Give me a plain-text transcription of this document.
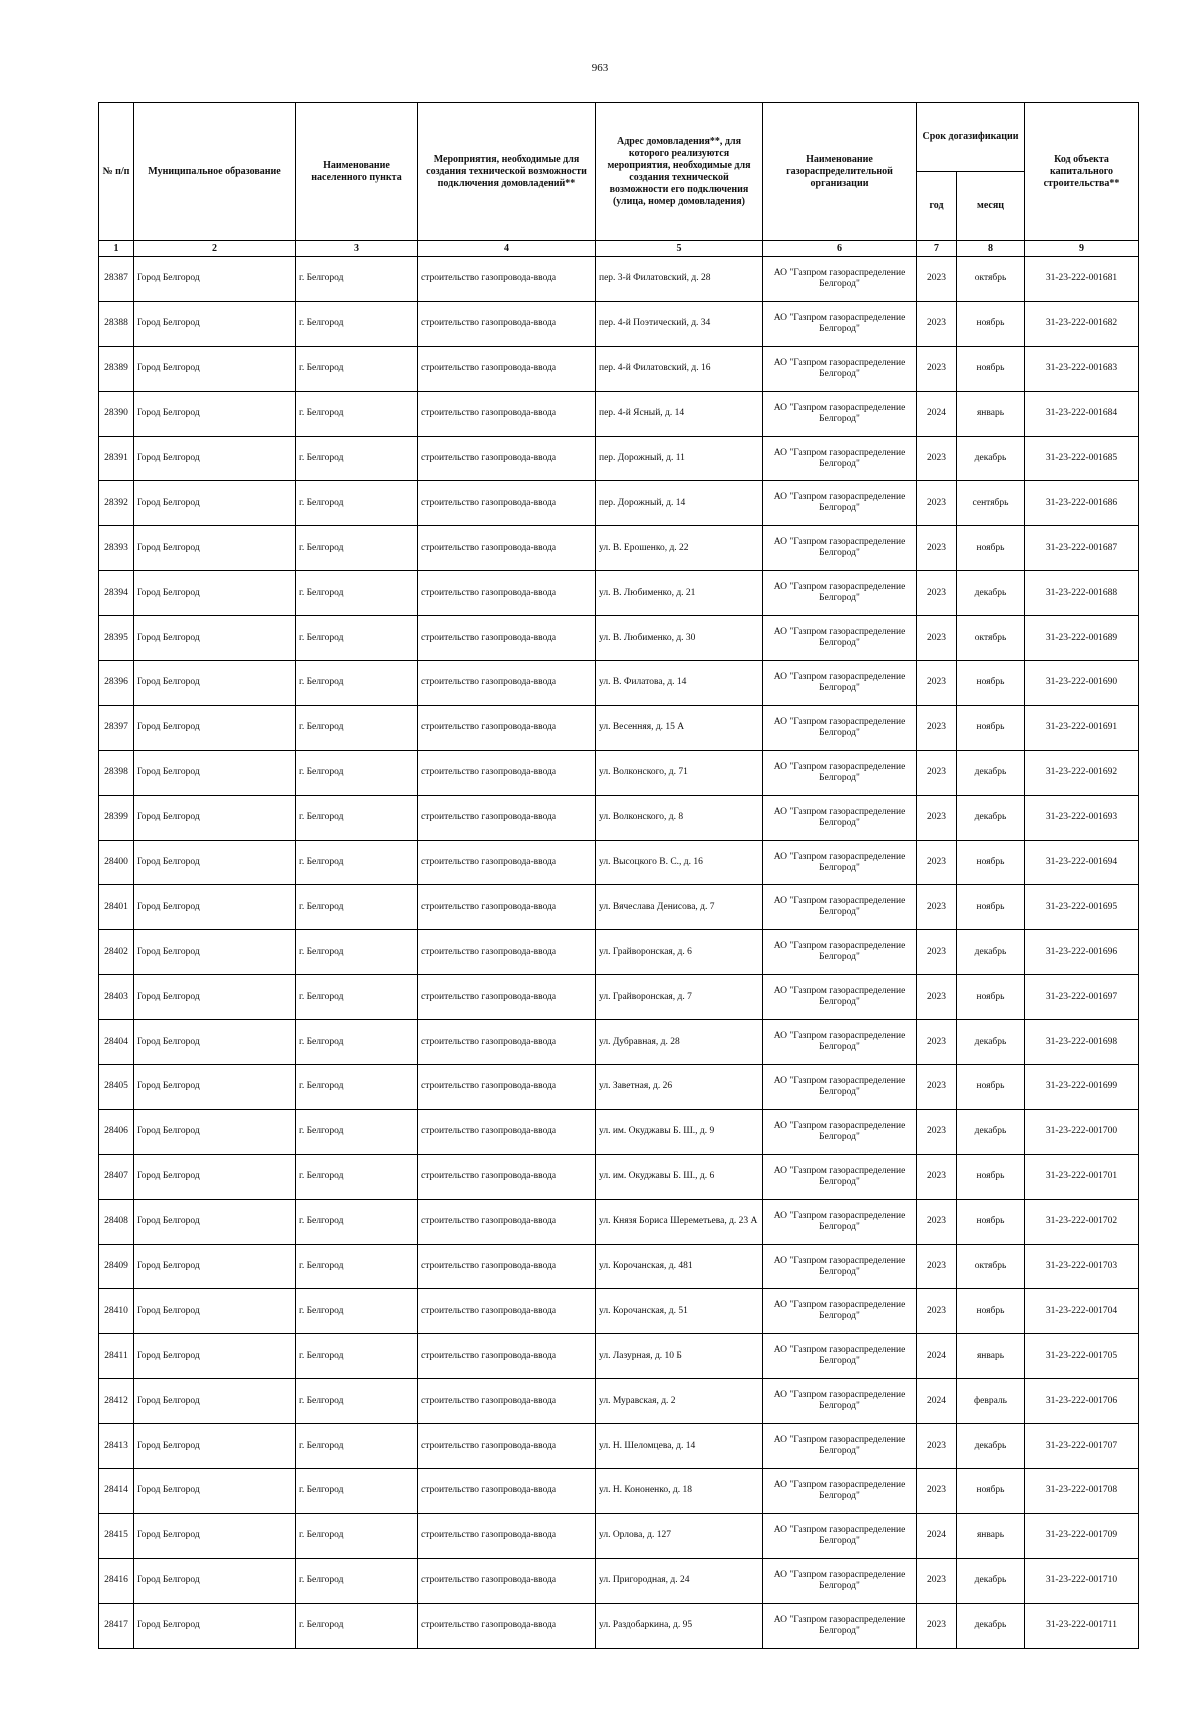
963
№ п/п	Муниципальное образование	Наименование населенного пункта	Мероприятия, необходимые для создания технической возможности подключения домовладений**	Адрес домовладения**, для которого реализуются мероприятия, необходимые для создания технической возможности его подключения (улица, номер домовладения)	Наименование газораспределительной организации	Срок догазификации		Код объекта капитального строительства**
						год	месяц	
1	2	3	4	5	6	7	8	9
28387	Город Белгород	г. Белгород	строительство газопровода-ввода	пер. 3-й Филатовский, д. 28	АО "Газпром газораспределение Белгород"	2023	октябрь	31-23-222-001681
28388	Город Белгород	г. Белгород	строительство газопровода-ввода	пер. 4-й Поэтический, д. 34	АО "Газпром газораспределение Белгород"	2023	ноябрь	31-23-222-001682
28389	Город Белгород	г. Белгород	строительство газопровода-ввода	пер. 4-й Филатовский, д. 16	АО "Газпром газораспределение Белгород"	2023	ноябрь	31-23-222-001683
28390	Город Белгород	г. Белгород	строительство газопровода-ввода	пер. 4-й Ясный, д. 14	АО "Газпром газораспределение Белгород"	2024	январь	31-23-222-001684
28391	Город Белгород	г. Белгород	строительство газопровода-ввода	пер. Дорожный, д. 11	АО "Газпром газораспределение Белгород"	2023	декабрь	31-23-222-001685
28392	Город Белгород	г. Белгород	строительство газопровода-ввода	пер. Дорожный, д. 14	АО "Газпром газораспределение Белгород"	2023	сентябрь	31-23-222-001686
28393	Город Белгород	г. Белгород	строительство газопровода-ввода	ул. В. Ерошенко, д. 22	АО "Газпром газораспределение Белгород"	2023	ноябрь	31-23-222-001687
28394	Город Белгород	г. Белгород	строительство газопровода-ввода	ул. В. Любименко, д. 21	АО "Газпром газораспределение Белгород"	2023	декабрь	31-23-222-001688
28395	Город Белгород	г. Белгород	строительство газопровода-ввода	ул. В. Любименко, д. 30	АО "Газпром газораспределение Белгород"	2023	октябрь	31-23-222-001689
28396	Город Белгород	г. Белгород	строительство газопровода-ввода	ул. В. Филатова, д. 14	АО "Газпром газораспределение Белгород"	2023	ноябрь	31-23-222-001690
28397	Город Белгород	г. Белгород	строительство газопровода-ввода	ул. Весенняя, д. 15 А	АО "Газпром газораспределение Белгород"	2023	ноябрь	31-23-222-001691
28398	Город Белгород	г. Белгород	строительство газопровода-ввода	ул. Волконского, д. 71	АО "Газпром газораспределение Белгород"	2023	декабрь	31-23-222-001692
28399	Город Белгород	г. Белгород	строительство газопровода-ввода	ул. Волконского, д. 8	АО "Газпром газораспределение Белгород"	2023	декабрь	31-23-222-001693
28400	Город Белгород	г. Белгород	строительство газопровода-ввода	ул. Высоцкого В. С., д. 16	АО "Газпром газораспределение Белгород"	2023	ноябрь	31-23-222-001694
28401	Город Белгород	г. Белгород	строительство газопровода-ввода	ул. Вячеслава Денисова, д. 7	АО "Газпром газораспределение Белгород"	2023	ноябрь	31-23-222-001695
28402	Город Белгород	г. Белгород	строительство газопровода-ввода	ул. Грайворонская, д. 6	АО "Газпром газораспределение Белгород"	2023	декабрь	31-23-222-001696
28403	Город Белгород	г. Белгород	строительство газопровода-ввода	ул. Грайворонская, д. 7	АО "Газпром газораспределение Белгород"	2023	ноябрь	31-23-222-001697
28404	Город Белгород	г. Белгород	строительство газопровода-ввода	ул. Дубравная, д. 28	АО "Газпром газораспределение Белгород"	2023	декабрь	31-23-222-001698
28405	Город Белгород	г. Белгород	строительство газопровода-ввода	ул. Заветная, д. 26	АО "Газпром газораспределение Белгород"	2023	ноябрь	31-23-222-001699
28406	Город Белгород	г. Белгород	строительство газопровода-ввода	ул. им. Окуджавы Б. Ш., д. 9	АО "Газпром газораспределение Белгород"	2023	декабрь	31-23-222-001700
28407	Город Белгород	г. Белгород	строительство газопровода-ввода	ул. им. Окуджавы Б. Ш., д. 6	АО "Газпром газораспределение Белгород"	2023	ноябрь	31-23-222-001701
28408	Город Белгород	г. Белгород	строительство газопровода-ввода	ул. Князя Бориса Шереметьева, д. 23 А	АО "Газпром газораспределение Белгород"	2023	ноябрь	31-23-222-001702
28409	Город Белгород	г. Белгород	строительство газопровода-ввода	ул. Корочанская, д. 481	АО "Газпром газораспределение Белгород"	2023	октябрь	31-23-222-001703
28410	Город Белгород	г. Белгород	строительство газопровода-ввода	ул. Корочанская, д. 51	АО "Газпром газораспределение Белгород"	2023	ноябрь	31-23-222-001704
28411	Город Белгород	г. Белгород	строительство газопровода-ввода	ул. Лазурная, д. 10 Б	АО "Газпром газораспределение Белгород"	2024	январь	31-23-222-001705
28412	Город Белгород	г. Белгород	строительство газопровода-ввода	ул. Муравская, д. 2	АО "Газпром газораспределение Белгород"	2024	февраль	31-23-222-001706
28413	Город Белгород	г. Белгород	строительство газопровода-ввода	ул. Н. Шеломцева, д. 14	АО "Газпром газораспределение Белгород"	2023	декабрь	31-23-222-001707
28414	Город Белгород	г. Белгород	строительство газопровода-ввода	ул. Н. Кононенко, д. 18	АО "Газпром газораспределение Белгород"	2023	ноябрь	31-23-222-001708
28415	Город Белгород	г. Белгород	строительство газопровода-ввода	ул. Орлова, д. 127	АО "Газпром газораспределение Белгород"	2024	январь	31-23-222-001709
28416	Город Белгород	г. Белгород	строительство газопровода-ввода	ул. Пригородная, д. 24	АО "Газпром газораспределение Белгород"	2023	декабрь	31-23-222-001710
28417	Город Белгород	г. Белгород	строительство газопровода-ввода	ул. Раздобаркина, д. 95	АО "Газпром газораспределение Белгород"	2023	декабрь	31-23-222-001711
